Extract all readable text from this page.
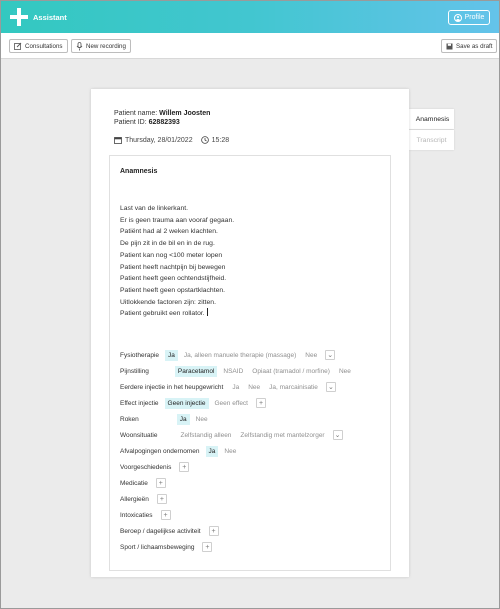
Assistant	Profile
Consultations	New recording	Save as draft
Anamnesis
Transcript
Patient name: Willem Joosten
Patient ID: 62882393
Thursday, 28/01/2022	15:28
Anamnesis
Last van de linkerkant.
Er is geen trauma aan vooraf gegaan.
Patiënt had al 2 weken klachten.
De pijn zit in de bil en in de rug.
Patient kan nog <100 meter lopen
Patient heeft nachtpijn bij bewegen
Patient heeft geen ochtendstijfheid.
Patient heeft geen opstartklachten.
Uitlokkende factoren zijn: zitten.
Patient gebruikt een rollator.
Fysiotherapie	Ja	Ja, alleen manuele therapie (massage)	Nee	⌄
Pijnstilling	Paracetamol	NSAID	Opiaat (tramadol / morfine)	Nee
Eerdere injectie in het heupgewricht	Ja	Nee	Ja, marcainisatie	⌄
Effect injectie	Geen injectie	Geen effect	+
Roken	Ja	Nee
Woonsituatie	Zelfstandig alleen	Zelfstandig met mantelzorger	⌄
Afvalpogingen ondernomen	Ja	Nee
Voorgeschiedenis	+
Medicatie	+
Allergieën	+
Intoxicaties	+
Beroep / dagelijkse activiteit	+
Sport / lichaamsbeweging	+
